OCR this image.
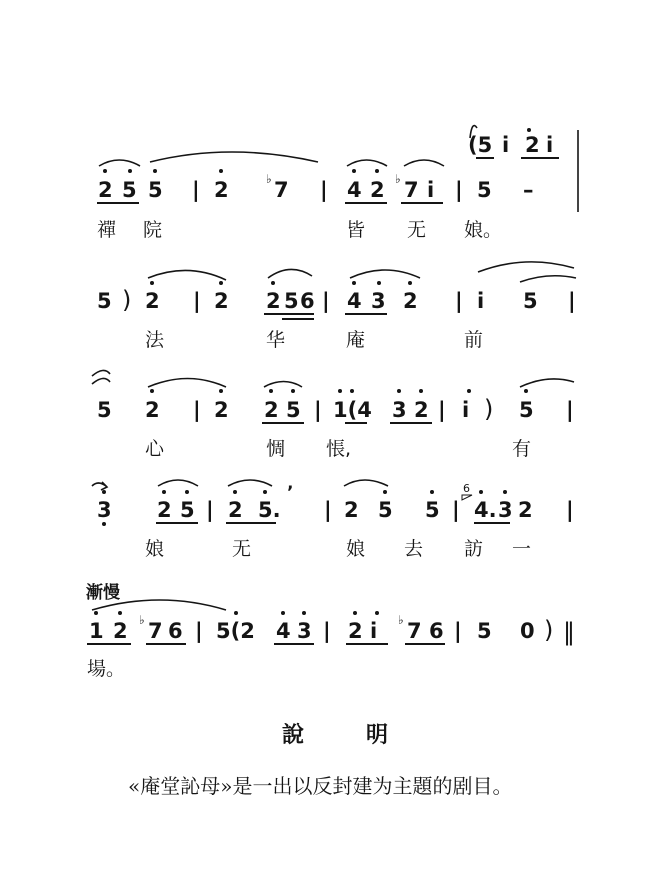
(5 i 2 i
2 5 5 | 2	♭ 7 | 4 2 ♭ 7 i | 5 –
禪 院	皆 无 娘。
5 ) 2 | 2 2 5 6 | 4 3 2 | i 5 |
法	华	庵	前
5 2 | 2 2 5 | 1(4 3 2 | i ) 5 |
心	惆 悵,	有
3 2 5 | 2 5.
’
| 2 5 5 |
6
4. 3 2 |
娘	无	娘 去 訪 一
漸慢
1 2 ♭ 7 6 | 5(2 4 3 | 2 i ♭ 7 6 | 5 0 ) ‖
場。
說	明

«庵堂訫母»是一出以反封建为主題的剧目。
